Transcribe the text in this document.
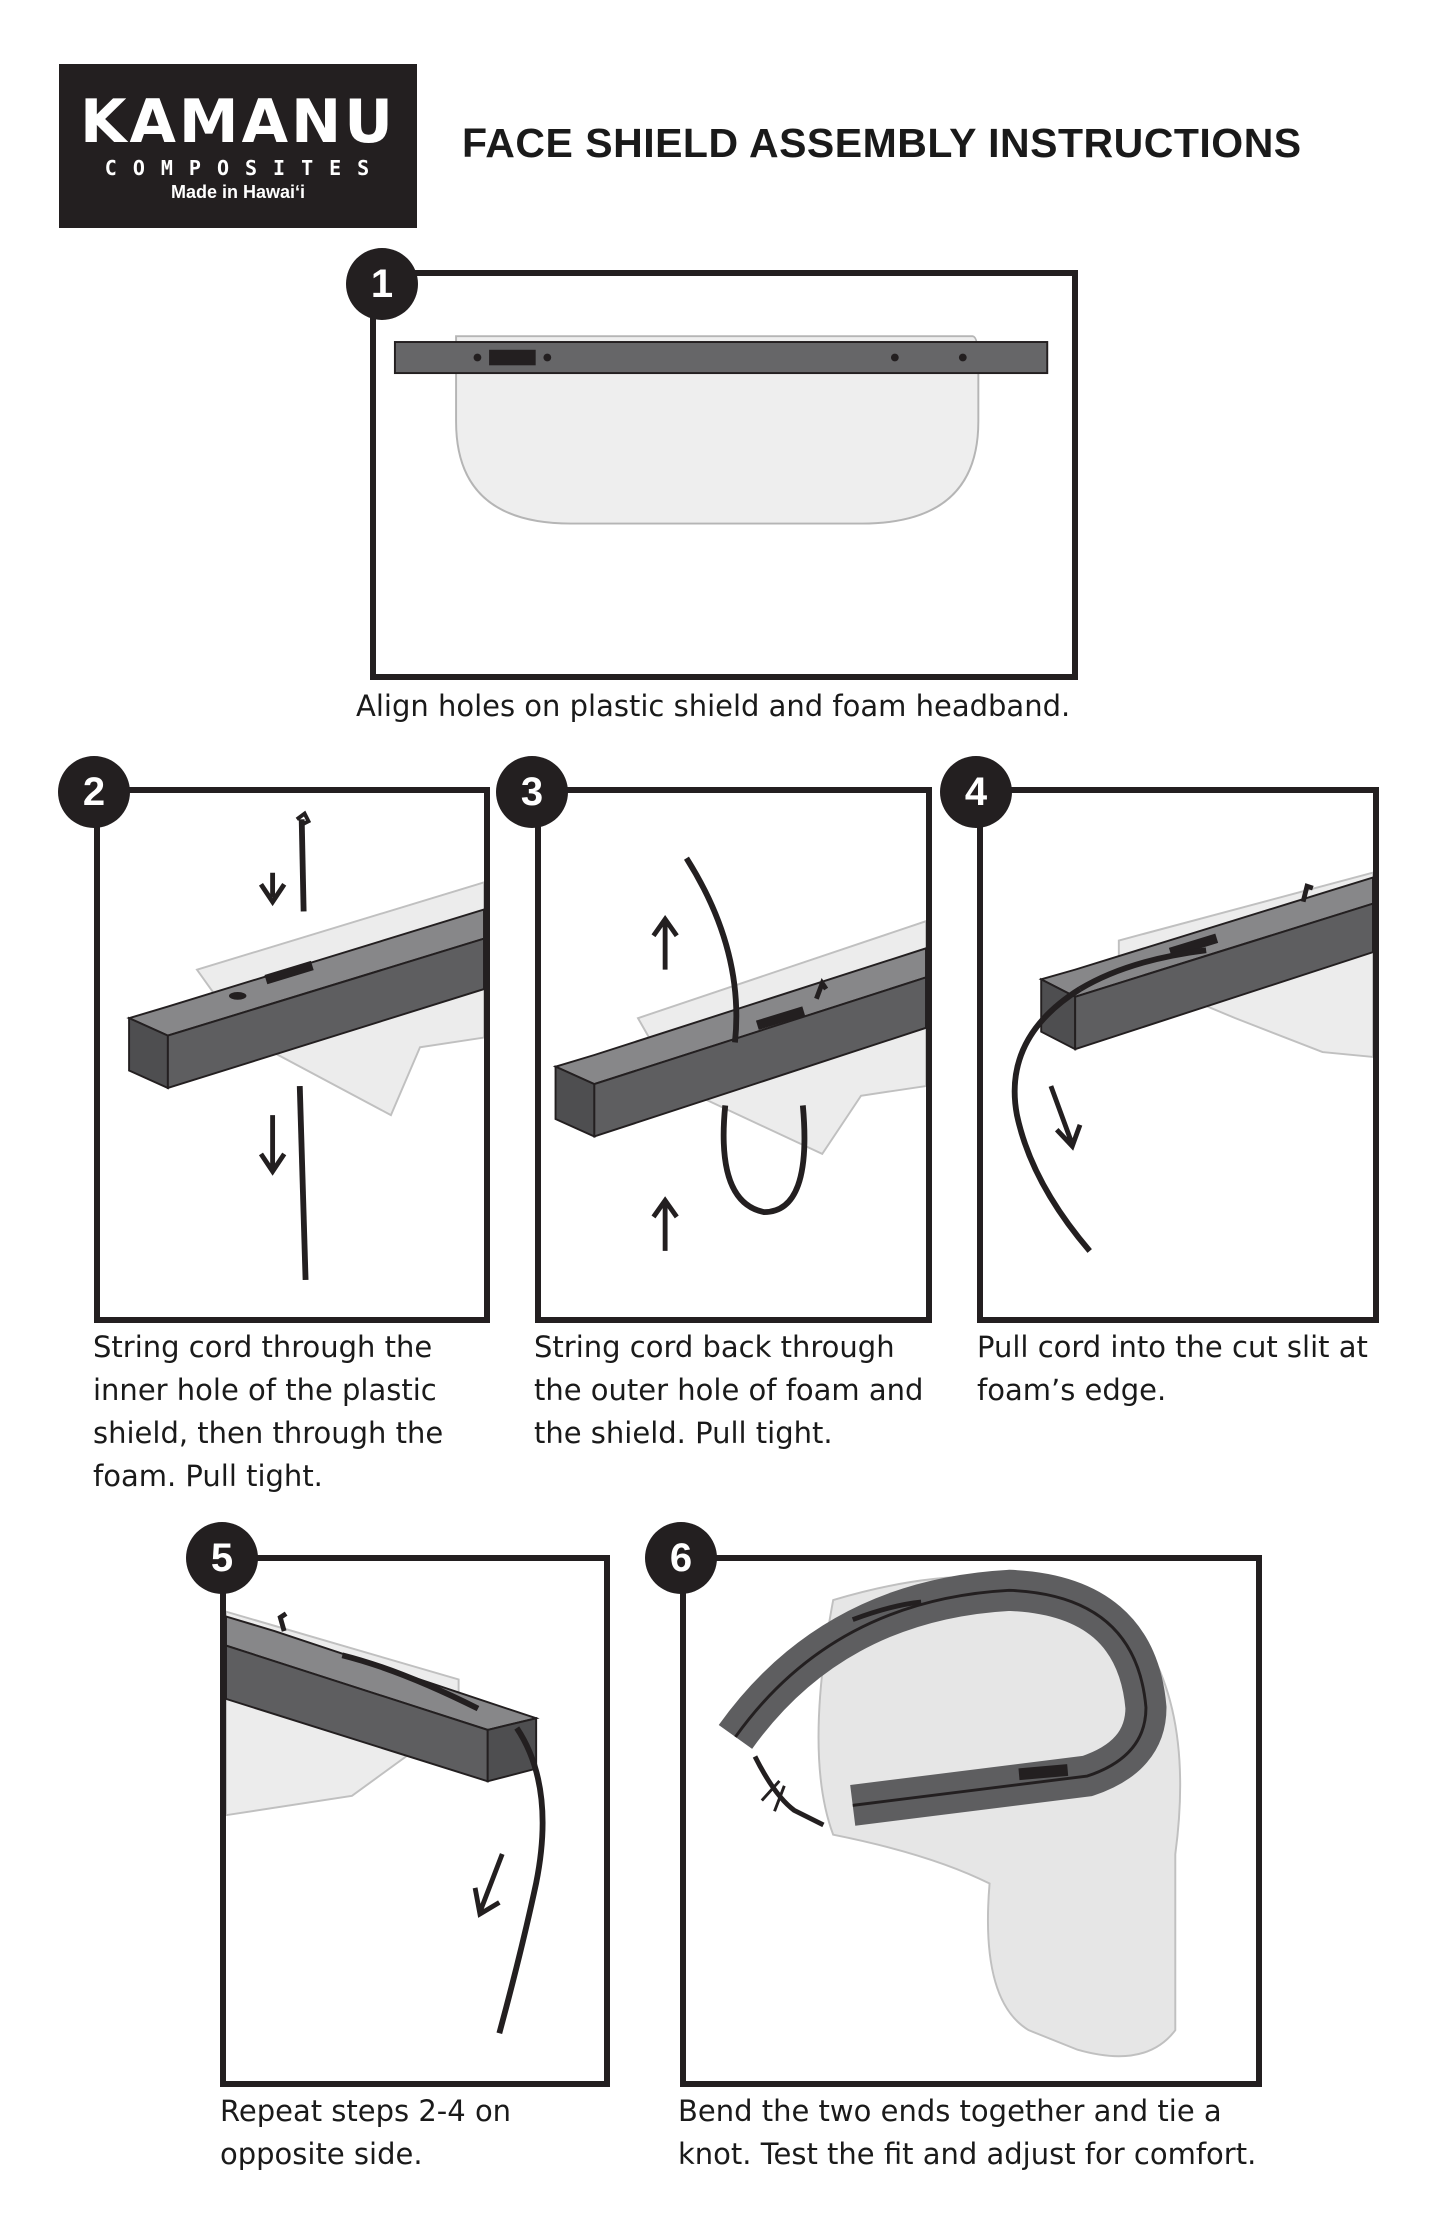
KAMANU
COMPOSITES
Made in Hawaiʻi
FACE SHIELD ASSEMBLY INSTRUCTIONS
1
Align holes on plastic shield and foam headband.
2
String cord through the inner hole of the plastic shield, then through the foam. Pull tight.
3
String cord back through the outer hole of foam and the shield. Pull tight.
4
Pull cord into the cut slit at foam’s edge.
5
Repeat steps 2-4 on opposite side.
6
Bend the two ends together and tie a knot. Test the fit and adjust for comfort.
